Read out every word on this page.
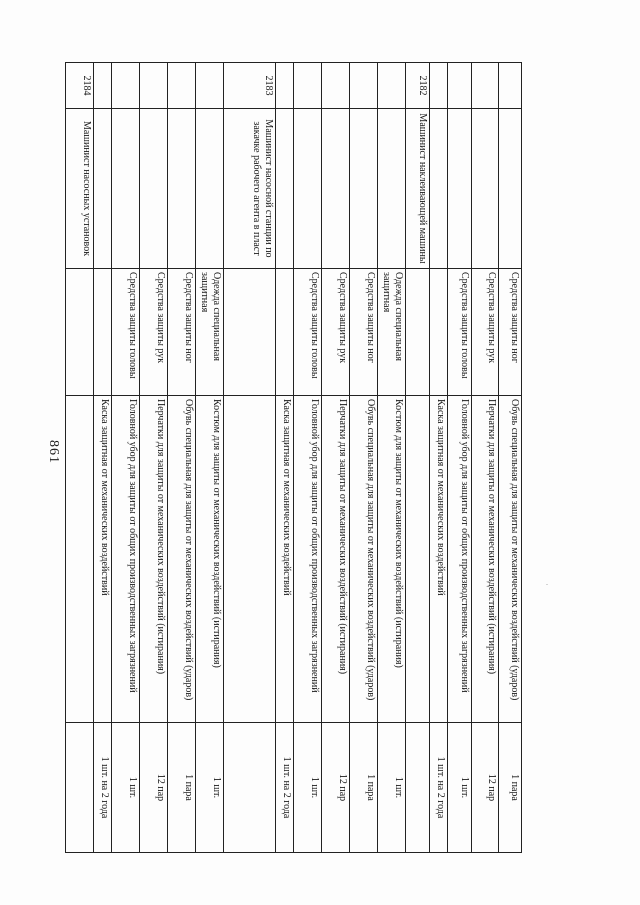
861
·
		Средства защиты ног	Обувь специальная для защиты от механических воздействий (ударов)	1 пара
		Средства защиты рук	Перчатки для защиты от механических воздействий (истирания)	12 пар
		Средства защиты головы	Головной убор для защиты от общих производственных загрязнений	1 шт.
			Каска защитная от механических воздействий	1 шт. на 2 года
2182	Машинист наклеивающей машины			
		Одежда специальная защитная	Костюм для защиты от механических воздействий (истирания)	1 шт.
		Средства защиты ног	Обувь специальная для защиты от механических воздействий (ударов)	1 пара
		Средства защиты рук	Перчатки для защиты от механических воздействий (истирания)	12 пар
		Средства защиты головы	Головной убор для защиты от общих производственных загрязнений	1 шт.
			Каска защитная от механических воздействий	1 шт. на 2 года
2183	Машинист насосной станции по закачке рабочего агента в пласт			
		Одежда специальная защитная	Костюм для защиты от механических воздействий (истирания)	1 шт.
		Средства защиты ног	Обувь специальная для защиты от механических воздействий (ударов)	1 пара
		Средства защиты рук	Перчатки для защиты от механических воздействий (истирания)	12 пар
		Средства защиты головы	Головной убор для защиты от общих производственных загрязнений	1 шт.
			Каска защитная от механических воздействий	1 шт. на 2 года
2184	Машинист насосных установок			
